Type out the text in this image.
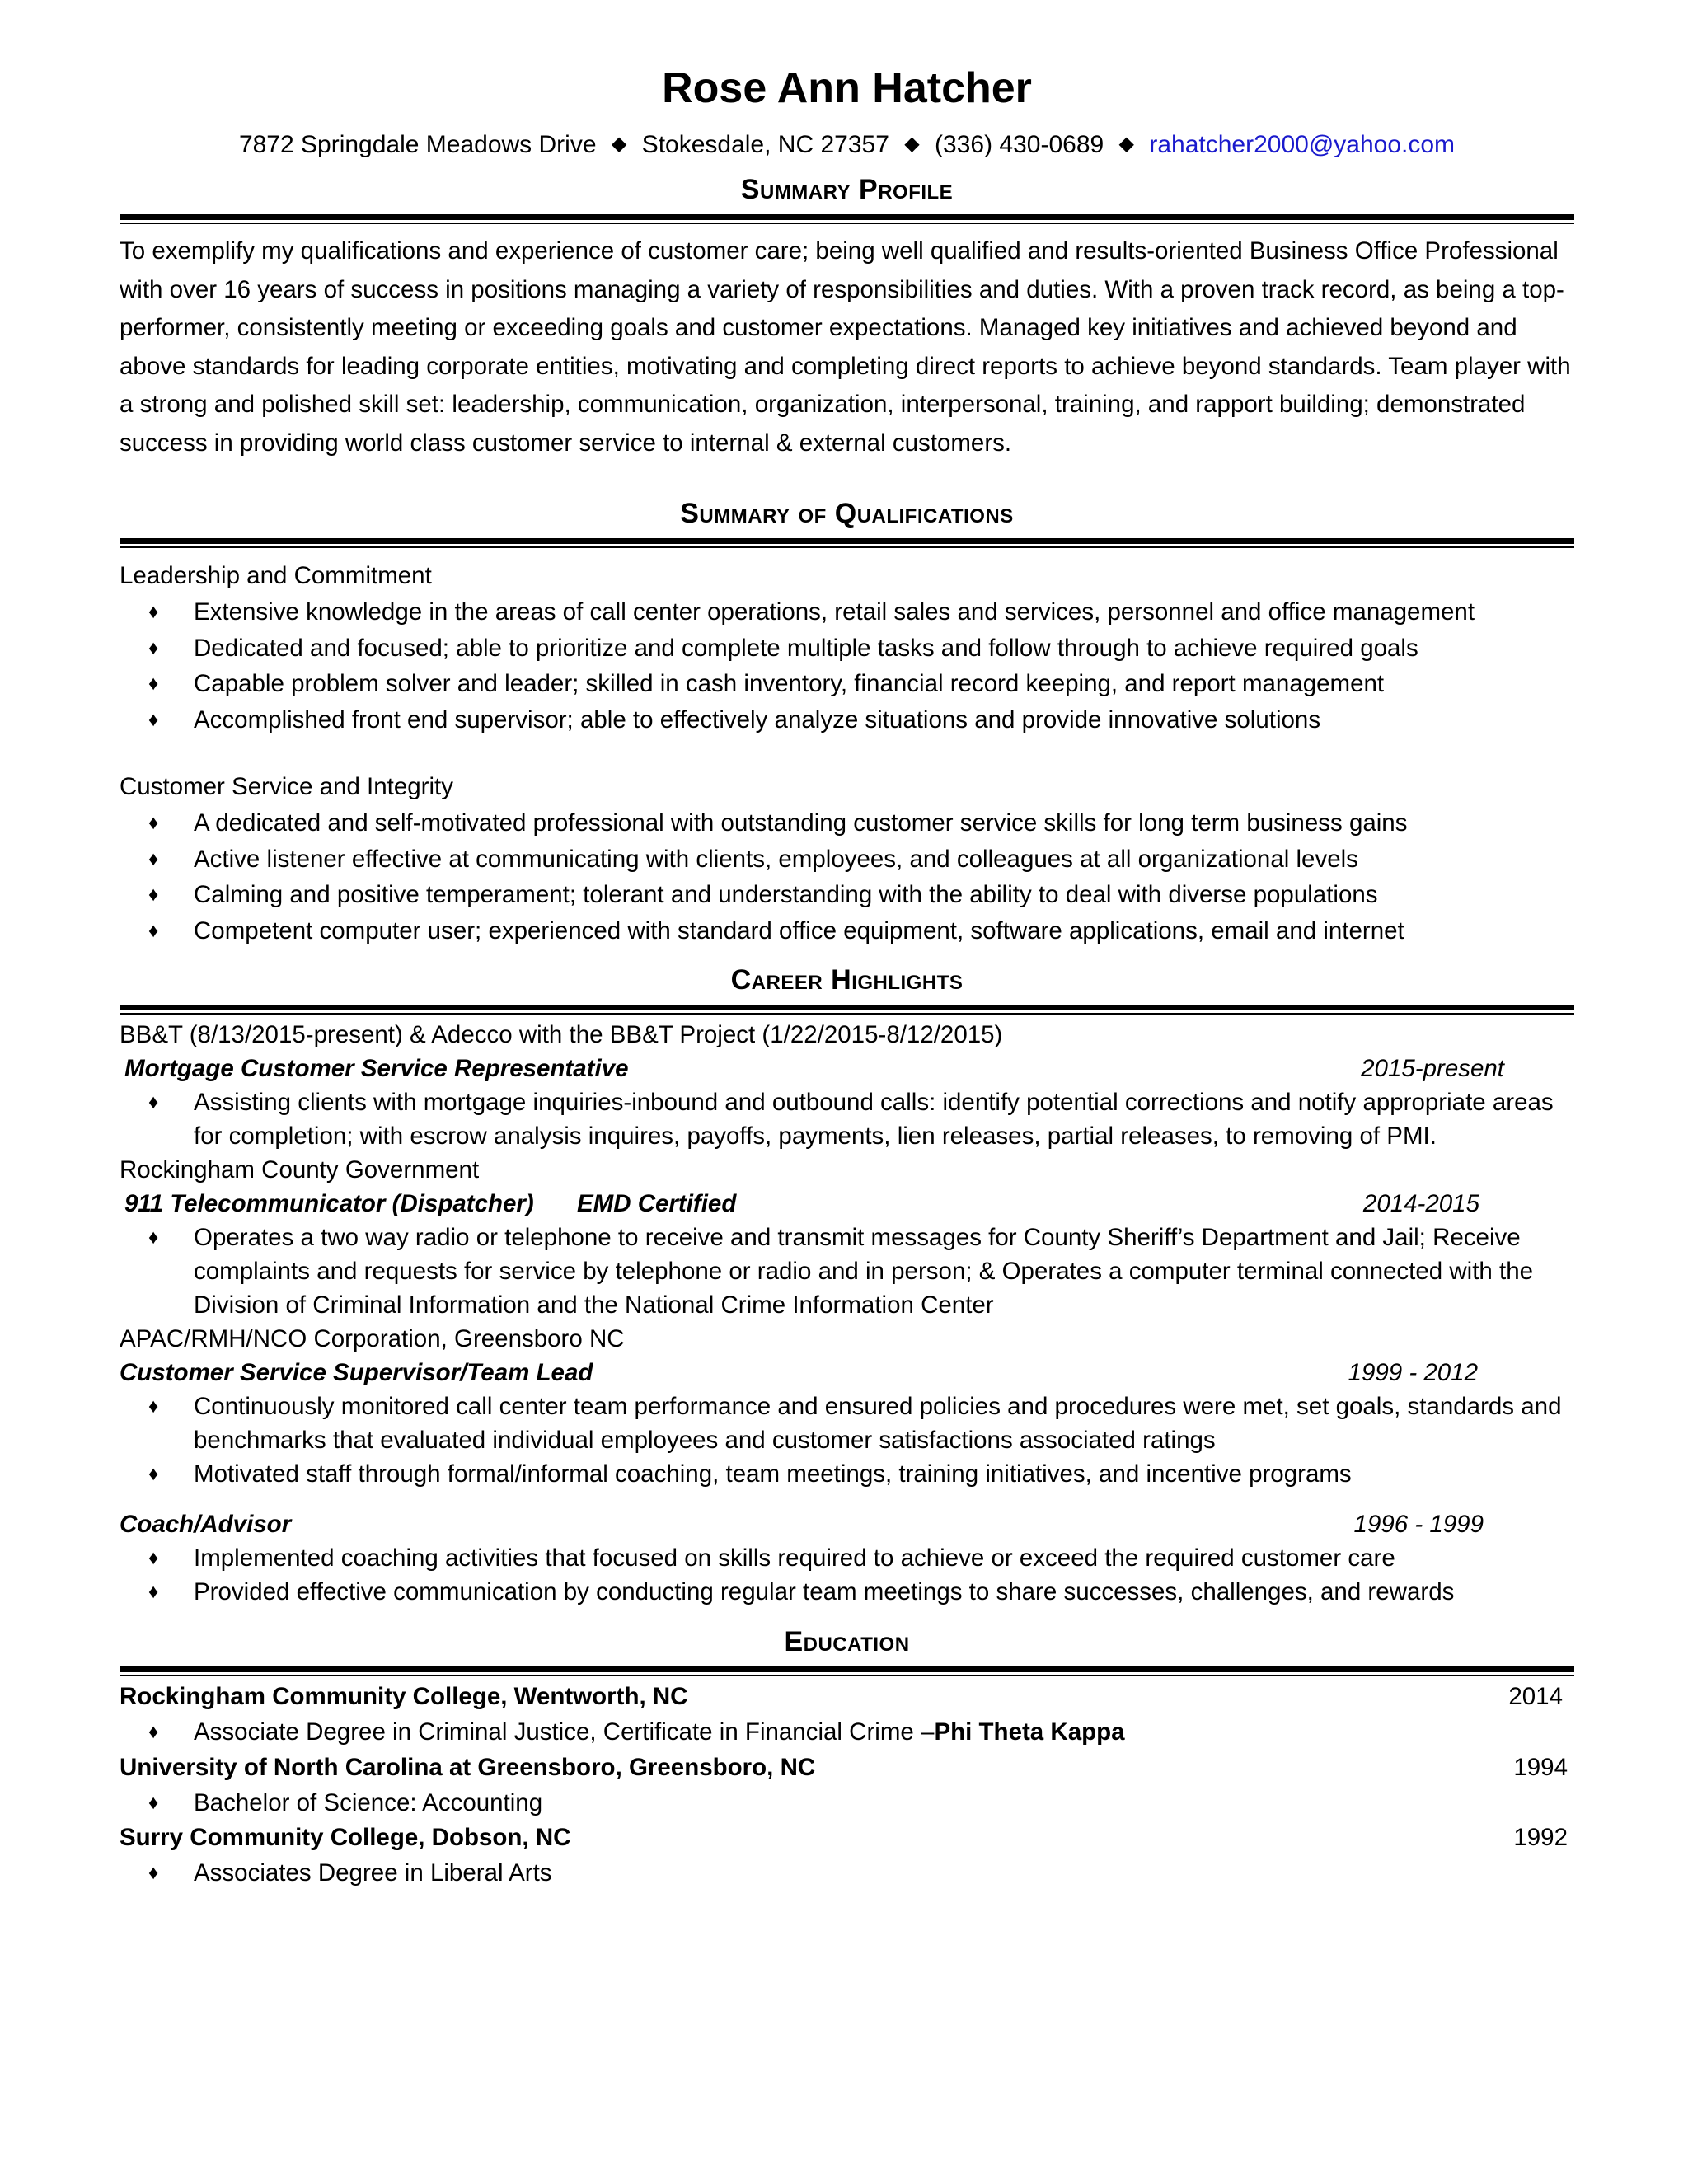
Rose Ann Hatcher
7872 Springdale Meadows Drive ◆ Stokesdale, NC 27357 ◆ (336) 430-0689 ◆ rahatcher2000@yahoo.com
Summary Profile
To exemplify my qualifications and experience of customer care; being well qualified and results-oriented Business Office Professional with over 16 years of success in positions managing a variety of responsibilities and duties. With a proven track record, as being a top-performer, consistently meeting or exceeding goals and customer expectations. Managed key initiatives and achieved beyond and above standards for leading corporate entities, motivating and completing direct reports to achieve beyond standards. Team player with a strong and polished skill set: leadership, communication, organization, interpersonal, training, and rapport building; demonstrated success in providing world class customer service to internal & external customers.
Summary of Qualifications
Leadership and Commitment
♦ Extensive knowledge in the areas of call center operations, retail sales and services, personnel and office management
♦ Dedicated and focused; able to prioritize and complete multiple tasks and follow through to achieve required goals
♦ Capable problem solver and leader; skilled in cash inventory, financial record keeping, and report management
♦ Accomplished front end supervisor; able to effectively analyze situations and provide innovative solutions
Customer Service and Integrity
♦ A dedicated and self-motivated professional with outstanding customer service skills for long term business gains
♦ Active listener effective at communicating with clients, employees, and colleagues at all organizational levels
♦ Calming and positive temperament; tolerant and understanding with the ability to deal with diverse populations
♦ Competent computer user; experienced with standard office equipment, software applications, email and internet
Career Highlights
BB&T (8/13/2015-present) & Adecco with the BB&T Project (1/22/2015-8/12/2015)
Mortgage Customer Service Representative	2015-present
♦ Assisting clients with mortgage inquiries-inbound and outbound calls: identify potential corrections and notify appropriate areas for completion; with escrow analysis inquires, payoffs, payments, lien releases, partial releases, to removing of PMI.
Rockingham County Government
911 Telecommunicator (Dispatcher) EMD Certified	2014-2015
♦ Operates a two way radio or telephone to receive and transmit messages for County Sheriff’s Department and Jail; Receive complaints and requests for service by telephone or radio and in person; & Operates a computer terminal connected with the Division of Criminal Information and the National Crime Information Center
APAC/RMH/NCO Corporation, Greensboro NC
Customer Service Supervisor/Team Lead	1999 - 2012
♦ Continuously monitored call center team performance and ensured policies and procedures were met, set goals, standards and benchmarks that evaluated individual employees and customer satisfactions associated ratings
♦ Motivated staff through formal/informal coaching, team meetings, training initiatives, and incentive programs
Coach/Advisor	1996 - 1999
♦ Implemented coaching activities that focused on skills required to achieve or exceed the required customer care
♦ Provided effective communication by conducting regular team meetings to share successes, challenges, and rewards
Education
Rockingham Community College, Wentworth, NC	2014
♦ Associate Degree in Criminal Justice, Certificate in Financial Crime –Phi Theta Kappa
University of North Carolina at Greensboro, Greensboro, NC	1994
♦ Bachelor of Science: Accounting
Surry Community College, Dobson, NC	1992
♦ Associates Degree in Liberal Arts
